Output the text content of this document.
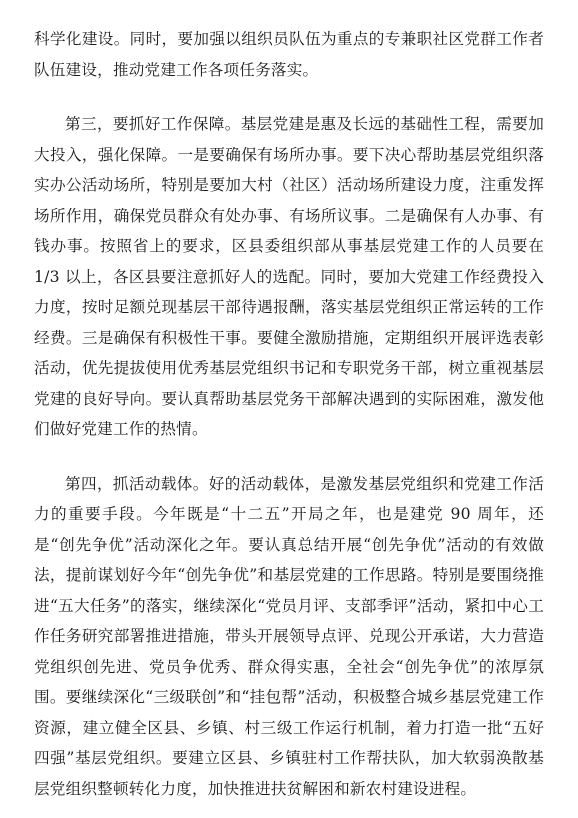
科学化建设。同时，要加强以组织员队伍为重点的专兼职社区党群工作者队伍建设，推动党建工作各项任务落实。

第三，要抓好工作保障。基层党建是惠及长远的基础性工程，需要加大投入，强化保障。一是要确保有场所办事。要下决心帮助基层党组织落实办公活动场所，特别是要加大村（社区）活动场所建设力度，注重发挥场所作用，确保党员群众有处办事、有场所议事。二是确保有人办事、有钱办事。按照省上的要求，区县委组织部从事基层党建工作的人员要在 1/3 以上，各区县要注意抓好人的选配。同时，要加大党建工作经费投入力度，按时足额兑现基层干部待遇报酬，落实基层党组织正常运转的工作经费。三是确保有积极性干事。要健全激励措施，定期组织开展评选表彰活动，优先提拔使用优秀基层党组织书记和专职党务干部，树立重视基层党建的良好导向。要认真帮助基层党务干部解决遇到的实际困难，激发他们做好党建工作的热情。

第四，抓活动载体。好的活动载体，是激发基层党组织和党建工作活力的重要手段。今年既是“十二五”开局之年，也是建党 90 周年，还是“创先争优”活动深化之年。要认真总结开展“创先争优”活动的有效做法，提前谋划好今年“创先争优”和基层党建的工作思路。特别是要围绕推进“五大任务”的落实，继续深化“党员月评、支部季评”活动，紧扣中心工作任务研究部署推进措施，带头开展领导点评、兑现公开承诺，大力营造党组织创先进、党员争优秀、群众得实惠，全社会“创先争优”的浓厚氛围。要继续深化“三级联创”和“挂包帮”活动，积极整合城乡基层党建工作资源，建立健全区县、乡镇、村三级工作运行机制，着力打造一批“五好四强”基层党组织。要建立区县、乡镇驻村工作帮扶队，加大软弱涣散基层党组织整顿转化力度，加快推进扶贫解困和新农村建设进程。
